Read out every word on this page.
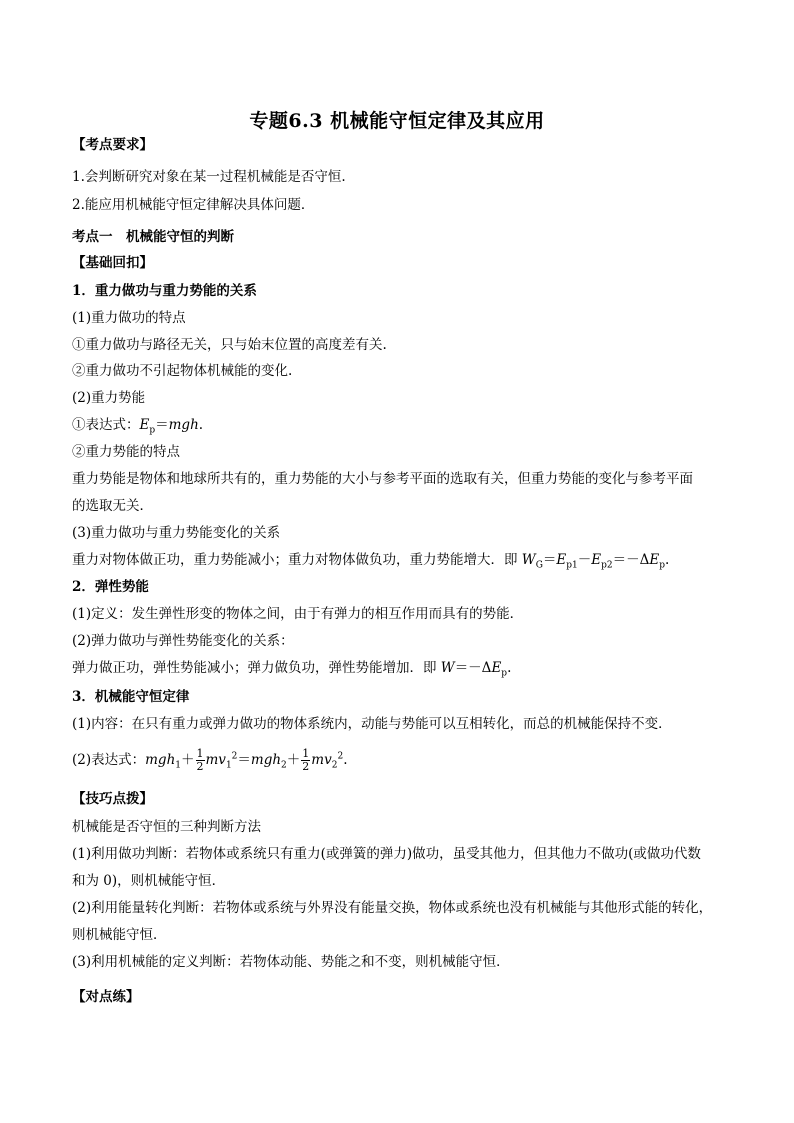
专题6.3 机械能守恒定律及其应用
【考点要求】
1.会判断研究对象在某一过程机械能是否守恒.
2.能应用机械能守恒定律解决具体问题．
考点一　机械能守恒的判断
【基础回扣】
1．重力做功与重力势能的关系
(1)重力做功的特点
①重力做功与路径无关，只与始末位置的高度差有关.
②重力做功不引起物体机械能的变化.
(2)重力势能
①表达式：$E_p=mgh$.
②重力势能的特点
重力势能是物体和地球所共有的，重力势能的大小与参考平面的选取有关，但重力势能的变化与参考平面
的选取无关．
(3)重力做功与重力势能变化的关系
重力对物体做正功，重力势能减小；重力对物体做负功，重力势能增大．即 $W_G=E_{p1}-E_{p2}=-\Delta E_p$.
2．弹性势能
(1)定义：发生弹性形变的物体之间，由于有弹力的相互作用而具有的势能．
(2)弹力做功与弹性势能变化的关系：
弹力做正功，弹性势能减小；弹力做负功，弹性势能增加．即 $W=-\Delta E_p$.
3．机械能守恒定律
(1)内容：在只有重力或弹力做功的物体系统内，动能与势能可以互相转化，而总的机械能保持不变．
(2)表达式：$mgh_1+ \frac{1}{2} mv_1^2=mgh_2+ \frac{1}{2} mv_2^2$.
【技巧点拨】
机械能是否守恒的三种判断方法
(1)利用做功判断：若物体或系统只有重力(或弹簧的弹力)做功，虽受其他力，但其他力不做功(或做功代数
和为 0)，则机械能守恒．
(2)利用能量转化判断：若物体或系统与外界没有能量交换，物体或系统也没有机械能与其他形式能的转化，
则机械能守恒．
(3)利用机械能的定义判断：若物体动能、势能之和不变，则机械能守恒．
【对点练】
